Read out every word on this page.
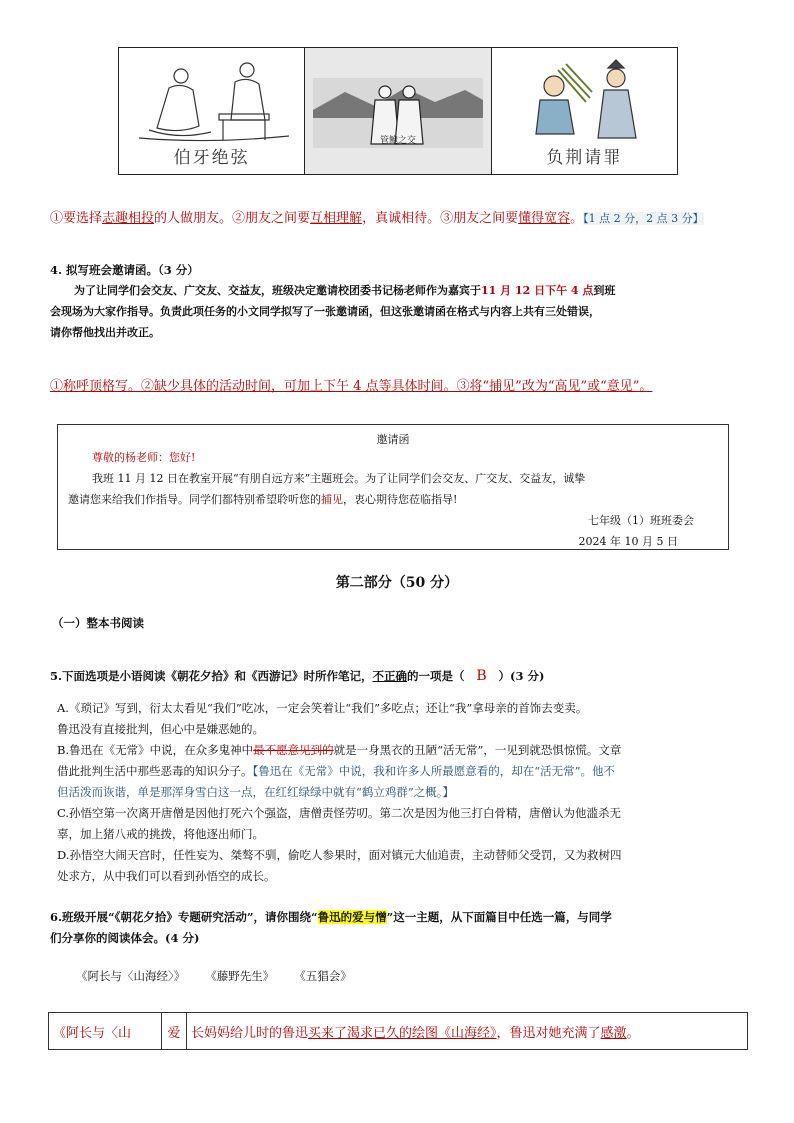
伯牙绝弦
管鲍之交
负荆请罪
①要选择志趣相投的人做朋友。②朋友之间要互相理解，真诚相待。③朋友之间要懂得宽容。【1 点 2 分，2 点 3 分】
4. 拟写班会邀请函。（3 分）
为了让同学们会交友、广交友、交益友，班级决定邀请校团委书记杨老师作为嘉宾于11 月 12 日下午 4 点到班
会现场为大家作指导。负责此项任务的小文同学拟写了一张邀请函，但这张邀请函在格式与内容上共有三处错误，
请你帮他找出并改正。
①称呼顶格写。②缺少具体的活动时间，可加上下午 4 点等具体时间。③将“捕见”改为“高见”或“意见”。
邀请函
尊敬的杨老师：您好!
我班 11 月 12 日在教室开展“有朋自远方来”主题班会。为了让同学们会交友、广交友、交益友，诚挚
邀请您来给我们作指导。同学们都特别希望聆听您的捕见，衷心期待您莅临指导!
七年级（1）班班委会
2024 年 10 月 5 日
第二部分（50 分）
（一）整本书阅读
5.下面选项是小语阅读《朝花夕拾》和《西游记》时所作笔记，不正确的一项是（ B ）(3 分)
A.《琐记》写到，衍太太看见“我们”吃冰，一定会笑着让“我们”多吃点；还让“我”拿母亲的首饰去变卖。
鲁迅没有直接批判，但心中是嫌恶她的。
B.鲁迅在《无常》中说，在众多鬼神中最不愿意见到的就是一身黑衣的丑陋“活无常”，一见到就恐惧惊慌。文章
借此批判生活中那些恶毒的知识分子。【鲁迅在《无常》中说，我和许多人所最愿意看的，却在“活无常”。他不
但活泼而诙谐，单是那浑身雪白这一点，在红红绿绿中就有“鹤立鸡群”之概。】
C.孙悟空第一次离开唐僧是因他打死六个强盗，唐僧责怪劳叨。第二次是因为他三打白骨精，唐僧认为他滥杀无
辜，加上猪八戒的挑拨，将他逐出师门。
D.孙悟空大闹天宫时，任性妄为、桀骜不驯，偷吃人参果时，面对镇元大仙追责，主动替师父受罚，又为救树四
处求方，从中我们可以看到孙悟空的成长。
6.班级开展“《朝花夕拾》专题研究活动”，请你围绕“鲁迅的爱与憎”这一主题，从下面篇目中任选一篇，与同学
们分享你的阅读体会。(4 分)
《阿长与〈山海经〉》 《藤野先生》 《五猖会》
《阿长与〈山	爱 长妈妈给儿时的鲁迅买来了渴求已久的绘图《山海经》，鲁迅对她充满了感激。
